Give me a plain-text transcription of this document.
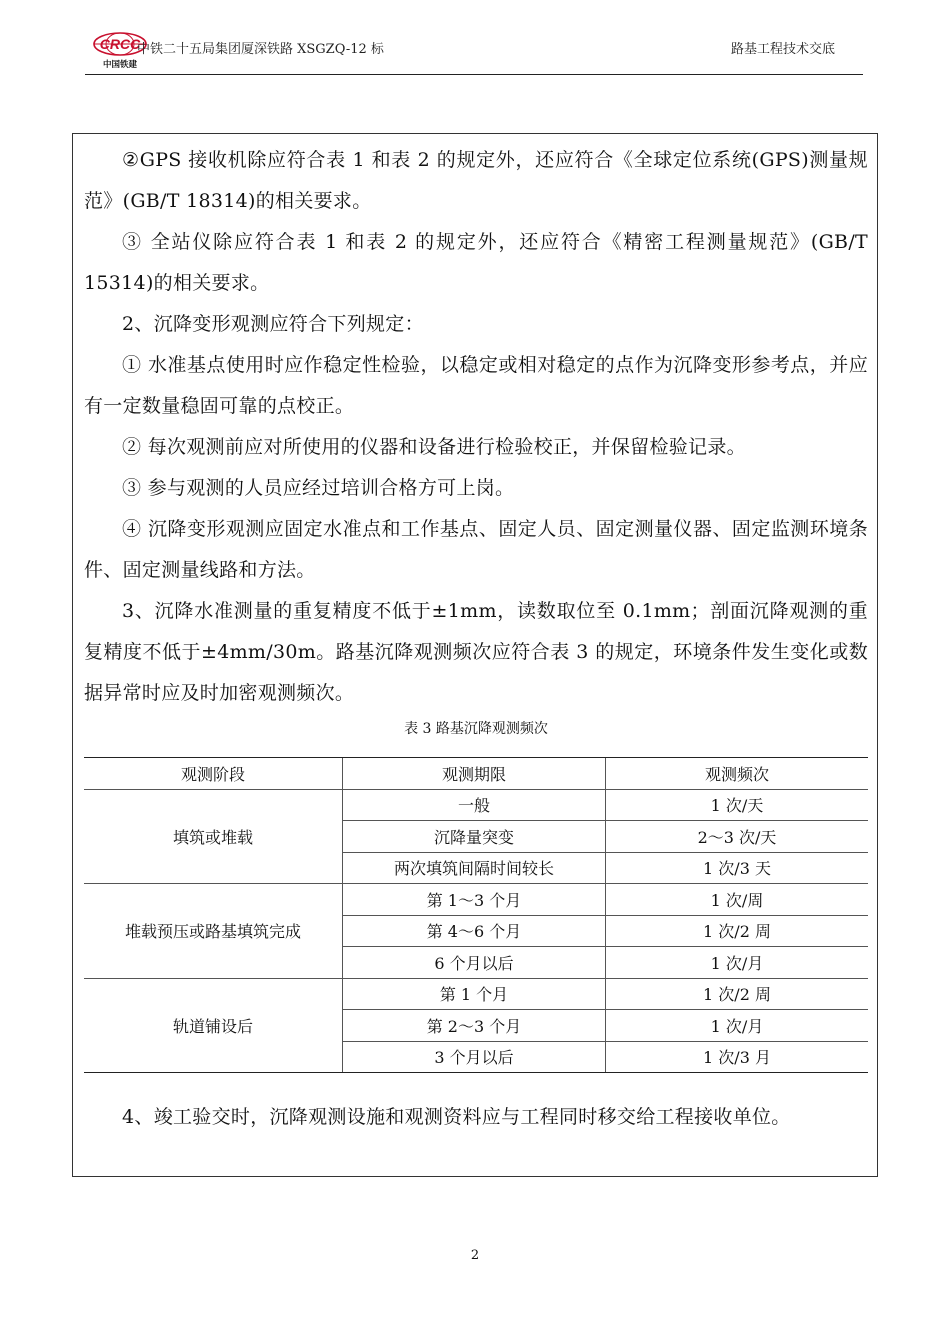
CRCC
中国铁建
中铁二十五局集团厦深铁路 XSGZQ-12 标	路基工程技术交底

②GPS 接收机除应符合表 1 和表 2 的规定外，还应符合《全球定位系统(GPS)测量规范》(GB/T 18314)的相关要求。

③ 全站仪除应符合表 1 和表 2 的规定外，还应符合《精密工程测量规范》(GB/T 15314)的相关要求。

2、沉降变形观测应符合下列规定：

① 水准基点使用时应作稳定性检验，以稳定或相对稳定的点作为沉降变形参考点，并应有一定数量稳固可靠的点校正。

② 每次观测前应对所使用的仪器和设备进行检验校正，并保留检验记录。

③ 参与观测的人员应经过培训合格方可上岗。

④ 沉降变形观测应固定水准点和工作基点、固定人员、固定测量仪器、固定监测环境条件、固定测量线路和方法。

3、沉降水准测量的重复精度不低于±1mm，读数取位至 0.1mm；剖面沉降观测的重复精度不低于±4mm/30m。路基沉降观测频次应符合表 3 的规定，环境条件发生变化或数据异常时应及时加密观测频次。

表 3 路基沉降观测频次
观测阶段	观测期限	观测频次
填筑或堆载	一般	1 次/天
	沉降量突变	2～3 次/天
	两次填筑间隔时间较长	1 次/3 天
堆载预压或路基填筑完成	第 1～3 个月	1 次/周
	第 4～6 个月	1 次/2 周
	6 个月以后	1 次/月
轨道铺设后	第 1 个月	1 次/2 周
	第 2～3 个月	1 次/月
	3 个月以后	1 次/3 月

4、竣工验交时，沉降观测设施和观测资料应与工程同时移交给工程接收单位。

2
